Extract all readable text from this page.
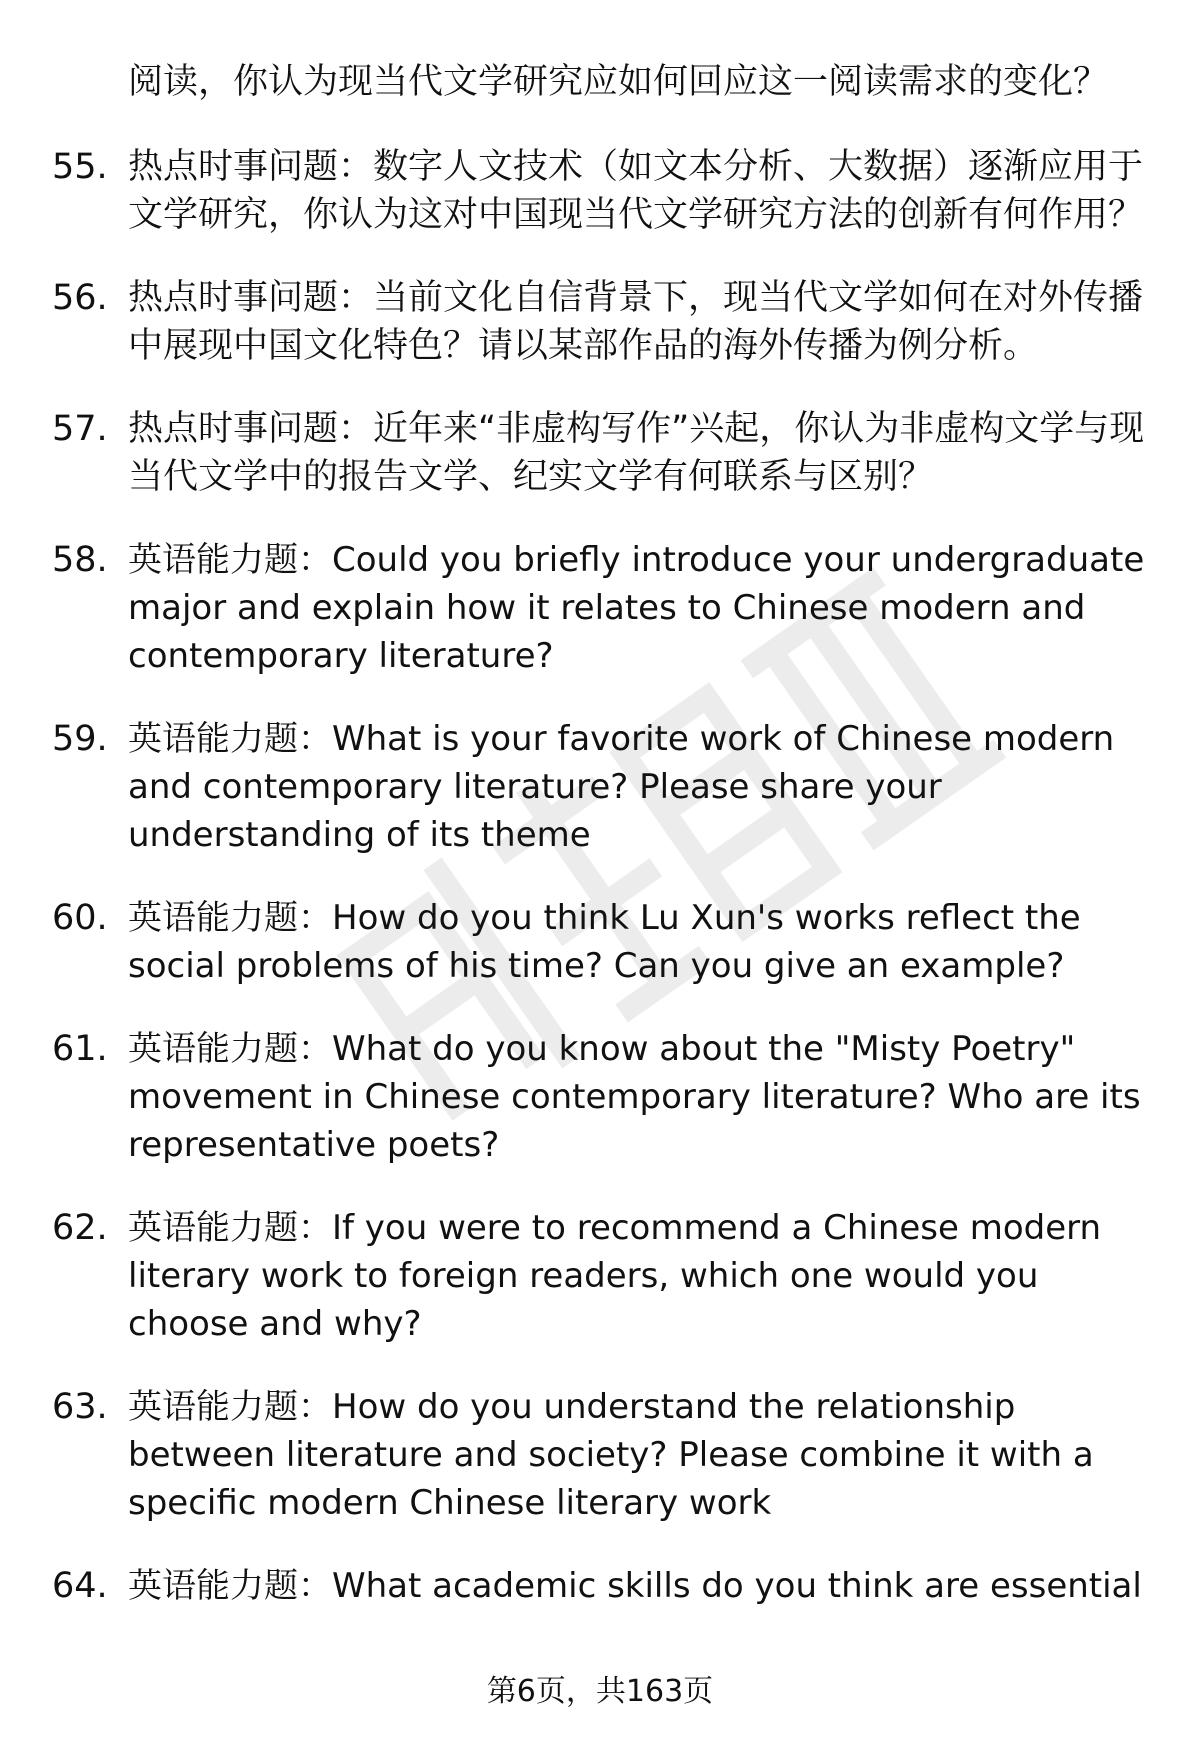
阅读，你认为现当代文学研究应如何回应这一阅读需求的变化？
55. 热点时事问题：数字人文技术（如文本分析、大数据）逐渐应用于文学研究，你认为这对中国现当代文学研究方法的创新有何作用？
56. 热点时事问题：当前文化自信背景下，现当代文学如何在对外传播中展现中国文化特色？请以某部作品的海外传播为例分析。
57. 热点时事问题：近年来“非虚构写作”兴起，你认为非虚构文学与现当代文学中的报告文学、纪实文学有何联系与区别？
58. 英语能力题：Could you briefly introduce your undergraduate major and explain how it relates to Chinese modern and contemporary literature?
59. 英语能力题：What is your favorite work of Chinese modern and contemporary literature? Please share your understanding of its theme
60. 英语能力题：How do you think Lu Xun's works reflect the social problems of his time? Can you give an example?
61. 英语能力题：What do you know about the "Misty Poetry" movement in Chinese contemporary literature? Who are its representative poets?
62. 英语能力题：If you were to recommend a Chinese modern literary work to foreign readers, which one would you choose and why?
63. 英语能力题：How do you understand the relationship between literature and society? Please combine it with a specific modern Chinese literary work
64. 英语能力题：What academic skills do you think are essential
第6页，共163页
